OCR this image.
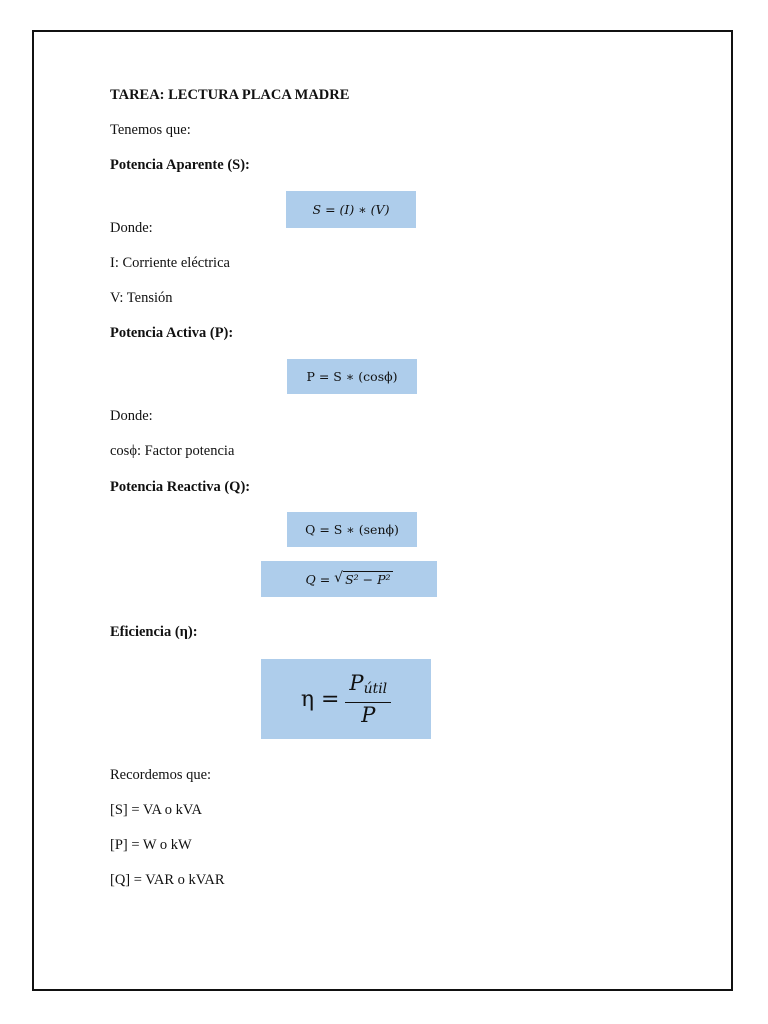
TAREA: LECTURA PLACA MADRE
Tenemos que:
Potencia Aparente (S):
S = (I) ∗ (V)
Donde:
I: Corriente eléctrica
V: Tensión
Potencia Activa (P):
P = S ∗ (cosϕ)
Donde:
cosϕ: Factor potencia
Potencia Reactiva (Q):
Q = S ∗ (senϕ)
Q = √ S² − P²
Eficiencia (η):
$\eta = \frac{P_{útil}}{P}$
Recordemos que:
[S] = VA o kVA
[P] = W o kW
[Q] = VAR o kVAR
